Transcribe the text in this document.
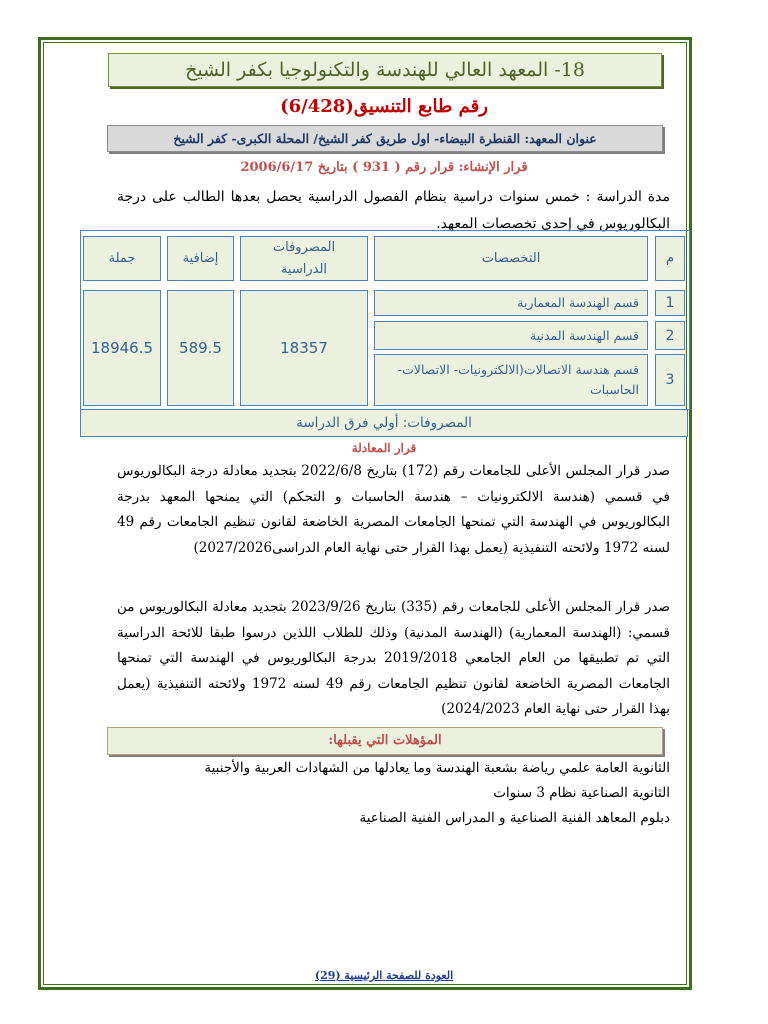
18- المعهد العالي للهندسة والتكنولوجيا بكفر الشيخ
رقم طابع التنسيق(6/428)
عنوان المعهد: القنطرة البيضاء- اول طريق كفر الشيخ/ المحلة الكبرى- كفر الشيخ
قرار الإنشاء: قرار رقم ( 931 ) بتاريخ 2006/6/17
مدة الدراسة : خمس سنوات دراسية بنظام الفصول الدراسية يحصل بعدها الطالب على درجة البكالوريوس في إحدى تخصصات المعهد.
م
التخصصات
المصروفات الدراسية
إضافية
جملة
1
2
3
قسم الهندسة المعمارية
قسم الهندسة المدنية
قسم هندسة الاتصالات(الالكترونيات- الاتصالات- الحاسبات
18357
589.5
18946.5
المصروفات: أولي فرق الدراسة
قرار المعادلة
صدر قرار المجلس الأعلى للجامعات رقم (172) بتاريخ 2022/6/8 بتجديد معادلة درجة البكالوريوس في قسمي (هندسة الالكترونيات – هندسة الحاسبات و التحكم) التي يمنحها المعهد بدرجة البكالوريوس في الهندسة التي تمنحها الجامعات المصرية الخاضعة لقانون تنظيم الجامعات رقم 49 لسنه 1972 ولائحته التنفيذية (يعمل بهذا القرار حتى نهاية العام الدراسى2027/2026)
صدر قرار المجلس الأعلى للجامعات رقم (335) بتاريخ 2023/9/26 بتجديد معادلة البكالوريوس من قسمي: (الهندسة المعمارية) (الهندسة المدنية) وذلك للطلاب اللذين درسوا طبقا للائحة الدراسية التي تم تطبيقها من العام الجامعي 2019/2018 بدرجة البكالوريوس في الهندسة التي تمنحها الجامعات المصرية الخاضعة لقانون تنظيم الجامعات رقم 49 لسنه 1972 ولائحته التنفيذية (يعمل بهذا القرار حتى نهاية العام 2024/2023)
المؤهلات التي يقبلها:
الثانوية العامة علمي رياضة بشعبة الهندسة وما يعادلها من الشهادات العربية والأجنبية
الثانوية الصناعية نظام 3 سنوات
دبلوم المعاهد الفنية الصناعية و المدراس الفنية الصناعية
العودة للصفحة الرئيسية (29)
